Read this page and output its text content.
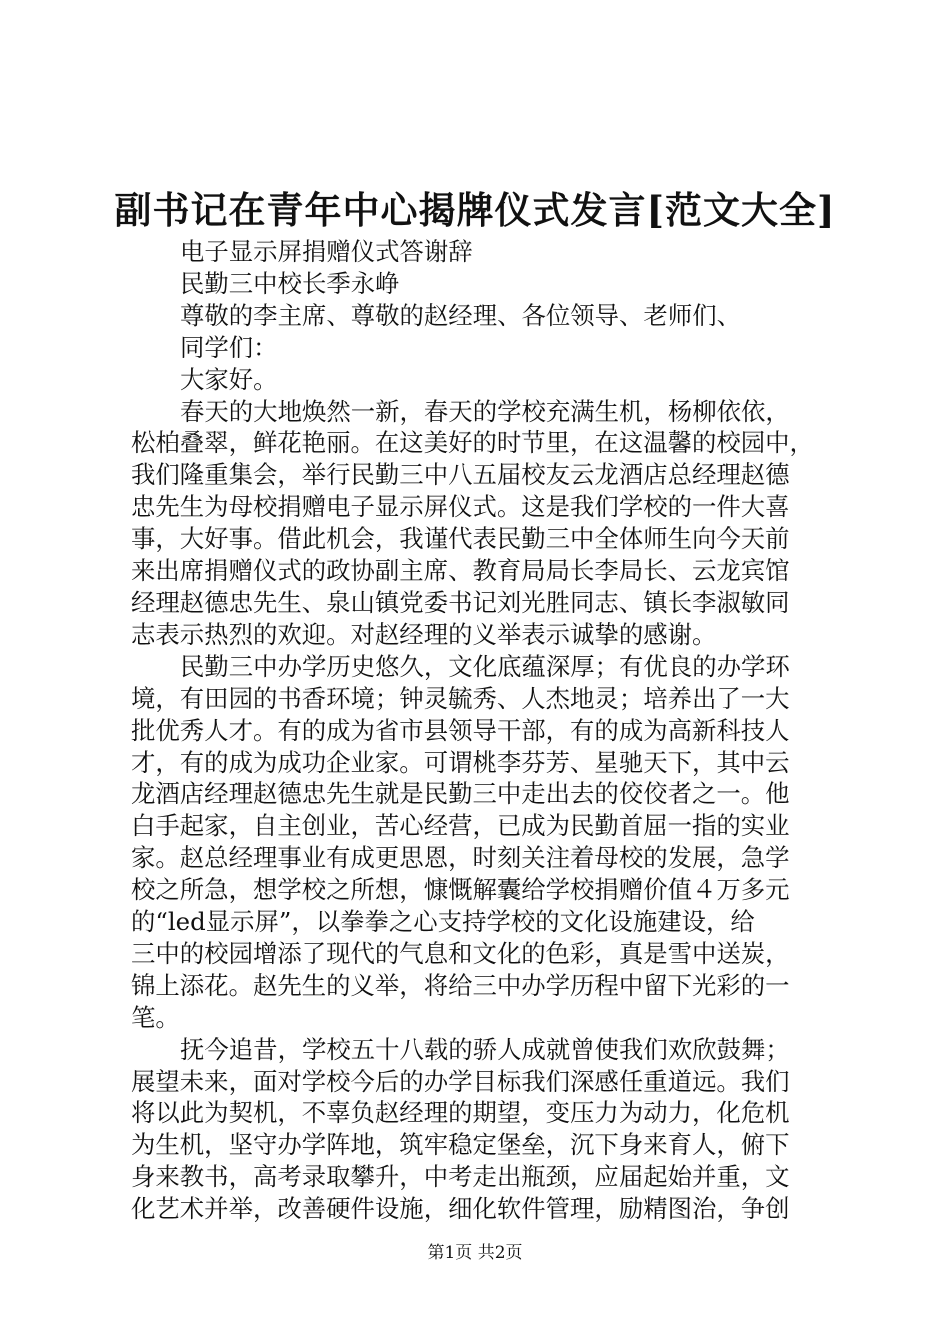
副书记在青年中心揭牌仪式发言[范文大全]
电子显示屏捐赠仪式答谢辞
民勤三中校长季永峥
尊敬的李主席、尊敬的赵经理、各位领导、老师们、
同学们：
大家好。
春天的大地焕然一新，春天的学校充满生机，杨柳依依，
松柏叠翠，鲜花艳丽。在这美好的时节里，在这温馨的校园中，
我们隆重集会，举行民勤三中八五届校友云龙酒店总经理赵德
忠先生为母校捐赠电子显示屏仪式。这是我们学校的一件大喜
事，大好事。借此机会，我谨代表民勤三中全体师生向今天前
来出席捐赠仪式的政协副主席、教育局局长李局长、云龙宾馆
经理赵德忠先生、泉山镇党委书记刘光胜同志、镇长李淑敏同
志表示热烈的欢迎。对赵经理的义举表示诚挚的感谢。
民勤三中办学历史悠久，文化底蕴深厚；有优良的办学环
境，有田园的书香环境；钟灵毓秀、人杰地灵；培养出了一大
批优秀人才。有的成为省市县领导干部，有的成为高新科技人
才，有的成为成功企业家。可谓桃李芬芳、星驰天下，其中云
龙酒店经理赵德忠先生就是民勤三中走出去的佼佼者之一。他
白手起家，自主创业，苦心经营，已成为民勤首屈一指的实业
家。赵总经理事业有成更思恩，时刻关注着母校的发展，急学
校之所急，想学校之所想，慷慨解囊给学校捐赠价值４万多元
的“led显示屏”，以拳拳之心支持学校的文化设施建设，给
三中的校园增添了现代的气息和文化的色彩，真是雪中送炭，
锦上添花。赵先生的义举，将给三中办学历程中留下光彩的一
笔。
抚今追昔，学校五十八载的骄人成就曾使我们欢欣鼓舞；
展望未来，面对学校今后的办学目标我们深感任重道远。我们
将以此为契机，不辜负赵经理的期望，变压力为动力，化危机
为生机，坚守办学阵地，筑牢稳定堡垒，沉下身来育人，俯下
身来教书，高考录取攀升，中考走出瓶颈，应届起始并重，文
化艺术并举，改善硬件设施，细化软件管理，励精图治，争创
第1页 共2页
